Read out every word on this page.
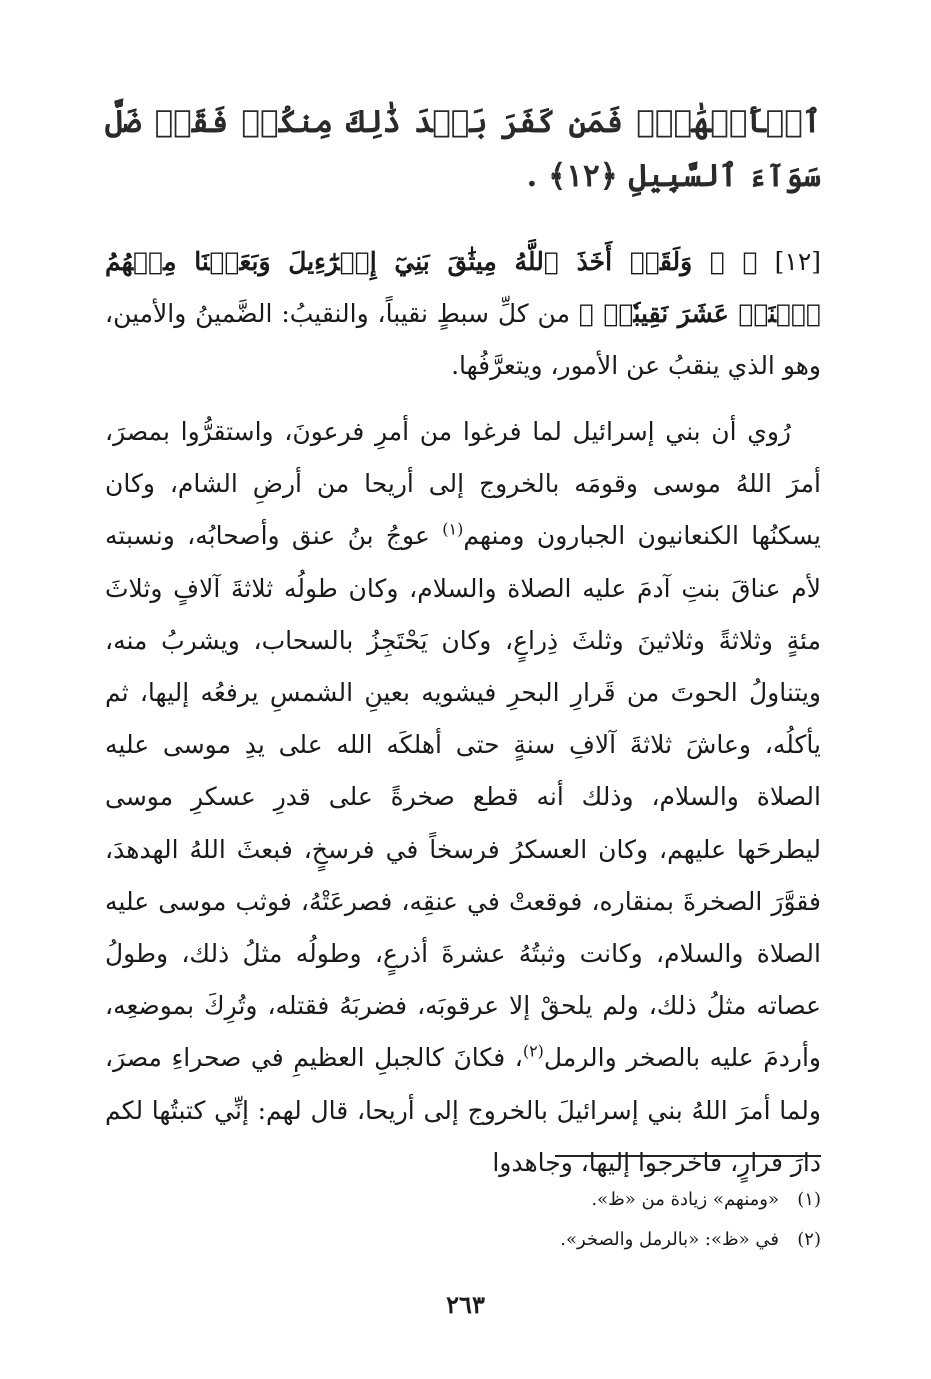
ٱلۡأَنۡهَٰرُۚ فَمَن كَفَرَ بَعۡدَ ذَٰلِكَ مِنكُمۡ فَقَدۡ ضَلَّ سَوَآءَ ٱلسَّبِيلِ ﴿١٢﴾ .

[١٢] ﴿ ۞ وَلَقَدۡ أَخَذَ ٱللَّهُ مِيثَٰقَ بَنِيٓ إِسۡرَٰٓءِيلَ وَبَعَثۡنَا مِنۡهُمُ ٱثۡنَيۡ عَشَرَ نَقِيبٗاۖ ﴾ من كلِّ سبطٍ نقيباً، والنقيبُ: الضَّمينُ والأمين، وهو الذي ينقبُ عن الأمور، ويتعرَّفُها.

رُوي أن بني إسرائيل لما فرغوا من أمرِ فرعونَ، واستقرُّوا بمصرَ، أمرَ اللهُ موسى وقومَه بالخروج إلى أريحا من أرضِ الشام، وكان يسكنُها الكنعانيون الجبارون ومنهم$^{(١)}$ عوجُ بنُ عنق وأصحابُه، ونسبته لأم عناقَ بنتِ آدمَ عليه الصلاة والسلام، وكان طولُه ثلاثةَ آلافٍ وثلاثَ مئةٍ وثلاثةً وثلاثينَ وثلثَ ذِراعٍ، وكان يَحْتَجِزُ بالسحاب، ويشربُ منه، ويتناولُ الحوتَ من قَرارِ البحرِ فيشويه بعينِ الشمسِ يرفعُه إليها، ثم يأكلُه، وعاشَ ثلاثةَ آلافِ سنةٍ حتى أهلكَه الله على يدِ موسى عليه الصلاة والسلام، وذلك أنه قطع صخرةً على قدرِ عسكرِ موسى ليطرحَها عليهم، وكان العسكرُ فرسخاً في فرسخٍ، فبعثَ اللهُ الهدهدَ، فقوَّرَ الصخرةَ بمنقاره، فوقعتْ في عنقِه، فصرعَتْهُ، فوثب موسى عليه الصلاة والسلام، وكانت وثبتُهُ عشرةَ أذرعٍ، وطولُه مثلُ ذلك، وطولُ عصاته مثلُ ذلك، ولم يلحقْ إلا عرقوبَه، فضربَهُ فقتله، وتُرِكَ بموضعِه، وأردمَ عليه بالصخر والرمل$^{(٢)}$، فكانَ كالجبلِ العظيمِ في صحراءِ مصرَ، ولما أمرَ اللهُ بني إسرائيلَ بالخروج إلى أريحا، قال لهم: إنِّي كتبتُها لكم دارَ قرارٍ، فاخرجوا إليها، وجاهدوا

(١)«ومنهم» زيادة من «ظ».
(٢)في «ظ»: «بالرمل والصخر».
٢٦٣
